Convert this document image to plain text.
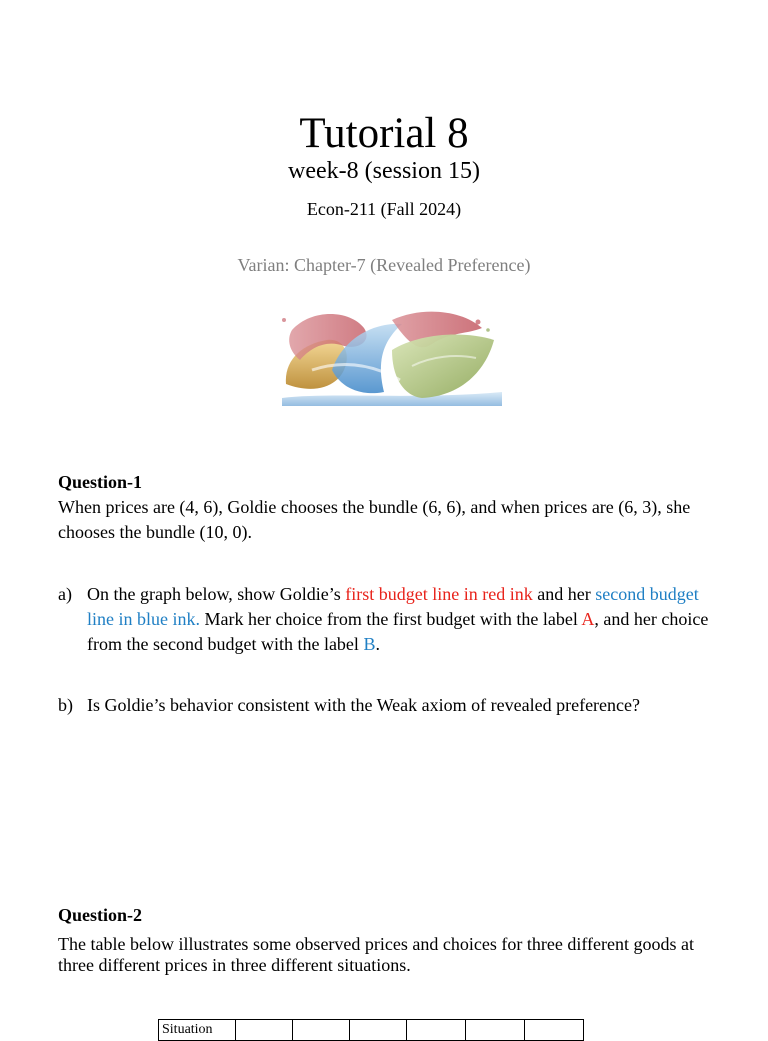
Tutorial 8
week-8 (session 15)
Econ-211 (Fall 2024)
Varian: Chapter-7 (Revealed Preference)
Question-1
When prices are (4, 6), Goldie chooses the bundle (6, 6), and when prices are (6, 3), she chooses the bundle (10, 0).
a) On the graph below, show Goldie’s first budget line in red ink and her second budget line in blue ink. Mark her choice from the first budget with the label A, and her choice from the second budget with the label B.
b) Is Goldie’s behavior consistent with the Weak axiom of revealed preference?
Question-2
The table below illustrates some observed prices and choices for three different goods at three different prices in three different situations.
Situation						
